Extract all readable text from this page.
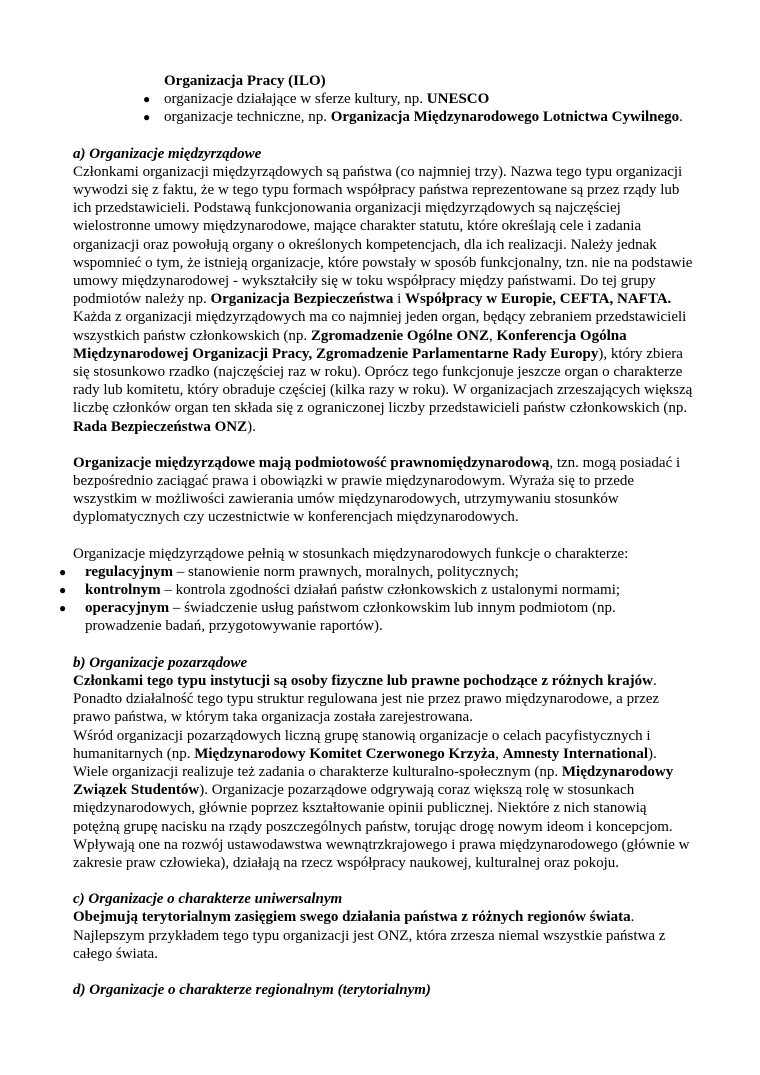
Organizacja Pracy (ILO)
● organizacje działające w sferze kultury, np. UNESCO
● organizacje techniczne, np. Organizacja Międzynarodowego Lotnictwa Cywilnego.

a) Organizacje międzyrządowe

Członkami organizacji międzyrządowych są państwa (co najmniej trzy). Nazwa tego typu organizacji wywodzi się z faktu, że w tego typu formach współpracy państwa reprezentowane są przez rządy lub ich przedstawicieli. Podstawą funkcjonowania organizacji międzyrządowych są najczęściej wielostronne umowy międzynarodowe, mające charakter statutu, które określają cele i zadania organizacji oraz powołują organy o określonych kompetencjach, dla ich realizacji. Należy jednak wspomnieć o tym, że istnieją organizacje, które powstały w sposób funkcjonalny, tzn. nie na podstawie umowy międzynarodowej - wykształciły się w toku współpracy między państwami. Do tej grupy podmiotów należy np. Organizacja Bezpieczeństwa i Współpracy w Europie, CEFTA, NAFTA.

Każda z organizacji międzyrządowych ma co najmniej jeden organ, będący zebraniem przedstawicieli wszystkich państw członkowskich (np. Zgromadzenie Ogólne ONZ, Konferencja Ogólna Międzynarodowej Organizacji Pracy, Zgromadzenie Parlamentarne Rady Europy), który zbiera się stosunkowo rzadko (najczęściej raz w roku). Oprócz tego funkcjonuje jeszcze organ o charakterze rady lub komitetu, który obraduje częściej (kilka razy w roku). W organizacjach zrzeszających większą liczbę członków organ ten składa się z ograniczonej liczby przedstawicieli państw członkowskich (np. Rada Bezpieczeństwa ONZ).

Organizacje międzyrządowe mają podmiotowość prawnomiędzynarodową, tzn. mogą posiadać i bezpośrednio zaciągać prawa i obowiązki w prawie międzynarodowym. Wyraża się to przede wszystkim w możliwości zawierania umów międzynarodowych, utrzymywaniu stosunków dyplomatycznych czy uczestnictwie w konferencjach międzynarodowych.

Organizacje międzyrządowe pełnią w stosunkach międzynarodowych funkcje o charakterze:

● regulacyjnym – stanowienie norm prawnych, moralnych, politycznych;
● kontrolnym – kontrola zgodności działań państw członkowskich z ustalonymi normami;
● operacyjnym – świadczenie usług państwom członkowskim lub innym podmiotom (np. prowadzenie badań, przygotowywanie raportów).

b) Organizacje pozarządowe

Członkami tego typu instytucji są osoby fizyczne lub prawne pochodzące z różnych krajów. Ponadto działalność tego typu struktur regulowana jest nie przez prawo międzynarodowe, a przez prawo państwa, w którym taka organizacja została zarejestrowana.

Wśród organizacji pozarządowych liczną grupę stanowią organizacje o celach pacyfistycznych i humanitarnych (np. Międzynarodowy Komitet Czerwonego Krzyża, Amnesty International). Wiele organizacji realizuje też zadania o charakterze kulturalno-społecznym (np. Międzynarodowy Związek Studentów). Organizacje pozarządowe odgrywają coraz większą rolę w stosunkach międzynarodowych, głównie poprzez kształtowanie opinii publicznej. Niektóre z nich stanowią potężną grupę nacisku na rządy poszczególnych państw, torując drogę nowym ideom i koncepcjom. Wpływają one na rozwój ustawodawstwa wewnątrzkrajowego i prawa międzynarodowego (głównie w zakresie praw człowieka), działają na rzecz współpracy naukowej, kulturalnej oraz pokoju.

c) Organizacje o charakterze uniwersalnym

Obejmują terytorialnym zasięgiem swego działania państwa z różnych regionów świata. Najlepszym przykładem tego typu organizacji jest ONZ, która zrzesza niemal wszystkie państwa z całego świata.

d) Organizacje o charakterze regionalnym (terytorialnym)
